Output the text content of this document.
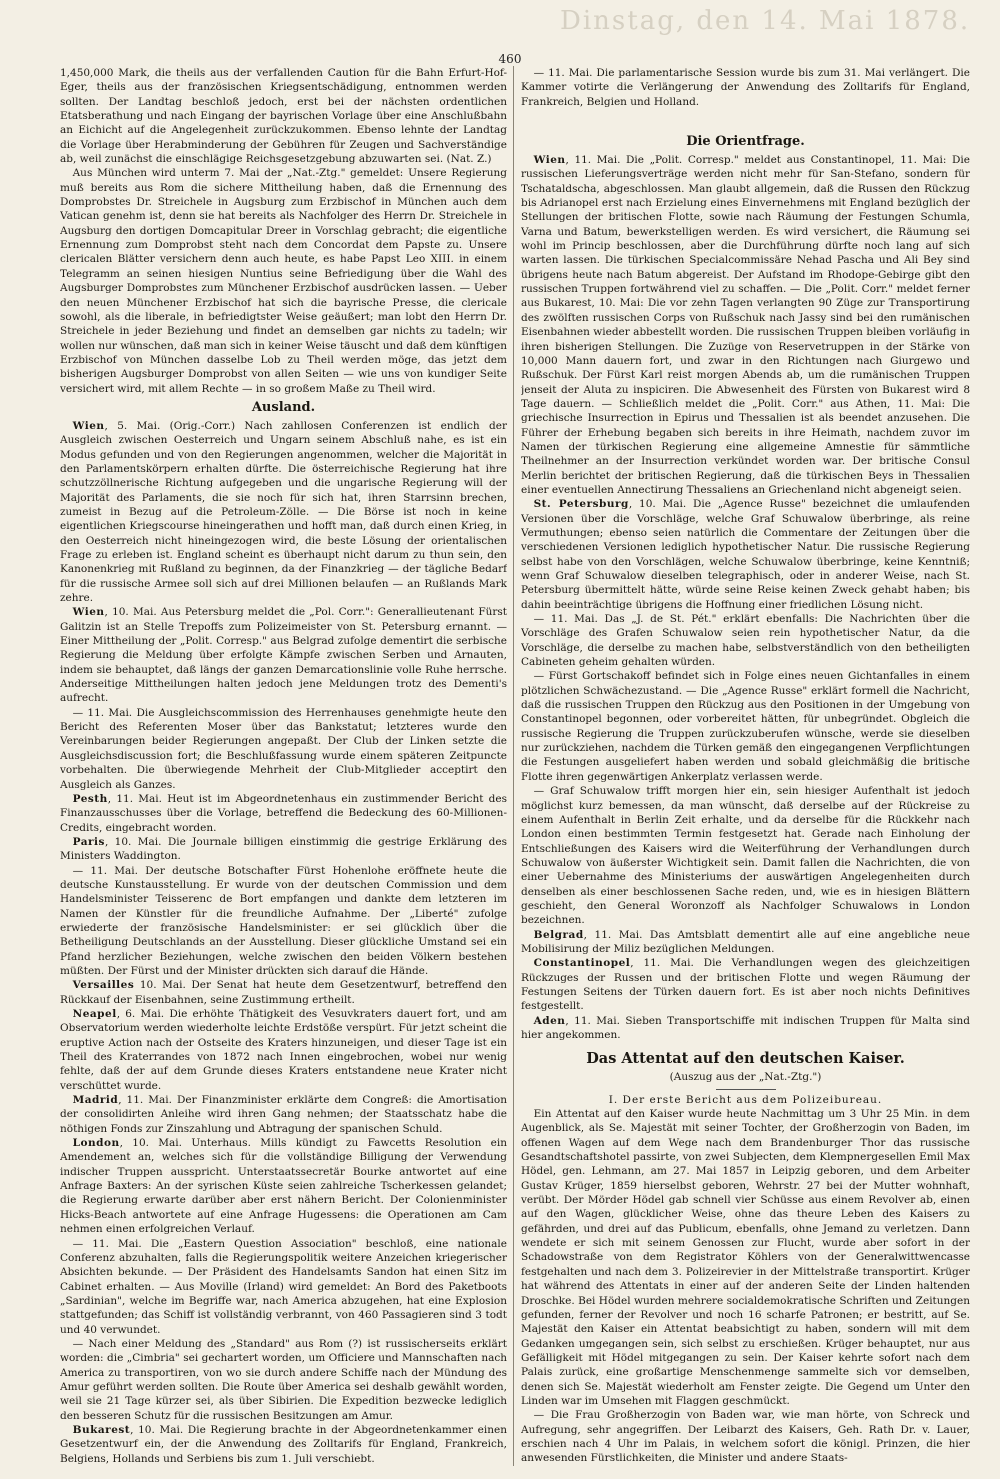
Dinstag, den 14. Mai 1878.
460

1,450,000 Mark, die theils aus der verfallenden Caution für die Bahn Erfurt-Hof-Eger, theils aus der französischen Kriegsentschädigung, entnommen werden sollten. Der Landtag beschloß jedoch, erst bei der nächsten ordentlichen Etatsberathung und nach Eingang der bayrischen Vorlage über eine Anschlußbahn an Eichicht auf die Angelegenheit zurückzukommen. Ebenso lehnte der Landtag die Vorlage über Herabminderung der Gebühren für Zeugen und Sachverständige ab, weil zunächst die einschlägige Reichsgesetzgebung abzuwarten sei. (Nat. Z.)

Aus München wird unterm 7. Mai der „Nat.-Ztg." gemeldet: Unsere Regierung muß bereits aus Rom die sichere Mittheilung haben, daß die Ernennung des Domprobstes Dr. Streichele in Augsburg zum Erzbischof in München auch dem Vatican genehm ist, denn sie hat bereits als Nachfolger des Herrn Dr. Streichele in Augsburg den dortigen Domcapitular Dreer in Vorschlag gebracht; die eigentliche Ernennung zum Domprobst steht nach dem Concordat dem Papste zu. Unsere clericalen Blätter versichern denn auch heute, es habe Papst Leo XIII. in einem Telegramm an seinen hiesigen Nuntius seine Befriedigung über die Wahl des Augsburger Domprobstes zum Münchener Erzbischof ausdrücken lassen. — Ueber den neuen Münchener Erzbischof hat sich die bayrische Presse, die clericale sowohl, als die liberale, in befriedigtster Weise geäußert; man lobt den Herrn Dr. Streichele in jeder Beziehung und findet an demselben gar nichts zu tadeln; wir wollen nur wünschen, daß man sich in keiner Weise täuscht und daß dem künftigen Erzbischof von München dasselbe Lob zu Theil werden möge, das jetzt dem bisherigen Augsburger Domprobst von allen Seiten — wie uns von kundiger Seite versichert wird, mit allem Rechte — in so großem Maße zu Theil wird.

Ausland.

Wien, 5. Mai. (Orig.-Corr.) Nach zahllosen Conferenzen ist endlich der Ausgleich zwischen Oesterreich und Ungarn seinem Abschluß nahe, es ist ein Modus gefunden und von den Regierungen angenommen, welcher die Majorität in den Parlamentskörpern erhalten dürfte. Die österreichische Regierung hat ihre schutzzöllnerische Richtung aufgegeben und die ungarische Regierung will der Majorität des Parlaments, die sie noch für sich hat, ihren Starrsinn brechen, zumeist in Bezug auf die Petroleum-Zölle. — Die Börse ist noch in keine eigentlichen Kriegscourse hineingerathen und hofft man, daß durch einen Krieg, in den Oesterreich nicht hineingezogen wird, die beste Lösung der orientalischen Frage zu erleben ist. England scheint es überhaupt nicht darum zu thun sein, den Kanonenkrieg mit Rußland zu beginnen, da der Finanzkrieg — der tägliche Bedarf für die russische Armee soll sich auf drei Millionen belaufen — an Rußlands Mark zehre.

Wien, 10. Mai. Aus Petersburg meldet die „Pol. Corr.": Generallieutenant Fürst Galitzin ist an Stelle Trepoffs zum Polizeimeister von St. Petersburg ernannt. — Einer Mittheilung der „Polit. Corresp." aus Belgrad zufolge dementirt die serbische Regierung die Meldung über erfolgte Kämpfe zwischen Serben und Arnauten, indem sie behauptet, daß längs der ganzen Demarcationslinie volle Ruhe herrsche. Anderseitige Mittheilungen halten jedoch jene Meldungen trotz des Dementi's aufrecht.

— 11. Mai. Die Ausgleichscommission des Herrenhauses genehmigte heute den Bericht des Referenten Moser über das Bankstatut; letzteres wurde den Vereinbarungen beider Regierungen angepaßt. Der Club der Linken setzte die Ausgleichsdiscussion fort; die Beschlußfassung wurde einem späteren Zeitpuncte vorbehalten. Die überwiegende Mehrheit der Club-Mitglieder acceptirt den Ausgleich als Ganzes.

Pesth, 11. Mai. Heut ist im Abgeordnetenhaus ein zustimmender Bericht des Finanzausschusses über die Vorlage, betreffend die Bedeckung des 60-Millionen-Credits, eingebracht worden.

Paris, 10. Mai. Die Journale billigen einstimmig die gestrige Erklärung des Ministers Waddington.

— 11. Mai. Der deutsche Botschafter Fürst Hohenlohe eröffnete heute die deutsche Kunstausstellung. Er wurde von der deutschen Commission und dem Handelsminister Teisserenc de Bort empfangen und dankte dem letzteren im Namen der Künstler für die freundliche Aufnahme. Der „Liberté" zufolge erwiederte der französische Handelsminister: er sei glücklich über die Betheiligung Deutschlands an der Ausstellung. Dieser glückliche Umstand sei ein Pfand herzlicher Beziehungen, welche zwischen den beiden Völkern bestehen müßten. Der Fürst und der Minister drückten sich darauf die Hände.

Versailles 10. Mai. Der Senat hat heute dem Gesetzentwurf, betreffend den Rückkauf der Eisenbahnen, seine Zustimmung ertheilt.

Neapel, 6. Mai. Die erhöhte Thätigkeit des Vesuvkraters dauert fort, und am Observatorium werden wiederholte leichte Erdstöße verspürt. Für jetzt scheint die eruptive Action nach der Ostseite des Kraters hinzuneigen, und dieser Tage ist ein Theil des Kraterrandes von 1872 nach Innen eingebrochen, wobei nur wenig fehlte, daß der auf dem Grunde dieses Kraters entstandene neue Krater nicht verschüttet wurde.

Madrid, 11. Mai. Der Finanzminister erklärte dem Congreß: die Amortisation der consolidirten Anleihe wird ihren Gang nehmen; der Staatsschatz habe die nöthigen Fonds zur Zinszahlung und Abtragung der spanischen Schuld.

London, 10. Mai. Unterhaus. Mills kündigt zu Fawcetts Resolution ein Amendement an, welches sich für die vollständige Billigung der Verwendung indischer Truppen ausspricht. Unterstaatssecretär Bourke antwortet auf eine Anfrage Baxters: An der syrischen Küste seien zahlreiche Tscherkessen gelandet; die Regierung erwarte darüber aber erst nähern Bericht. Der Colonienminister Hicks-Beach antwortete auf eine Anfrage Hugessens: die Operationen am Cam nehmen einen erfolgreichen Verlauf.

— 11. Mai. Die „Eastern Question Association" beschloß, eine nationale Conferenz abzuhalten, falls die Regierungspolitik weitere Anzeichen kriegerischer Absichten bekunde. — Der Präsident des Handelsamts Sandon hat einen Sitz im Cabinet erhalten. — Aus Moville (Irland) wird gemeldet: An Bord des Paketboots „Sardinian", welche im Begriffe war, nach America abzugehen, hat eine Explosion stattgefunden; das Schiff ist vollständig verbrannt, von 460 Passagieren sind 3 todt und 40 verwundet.

— Nach einer Meldung des „Standard" aus Rom (?) ist russischerseits erklärt worden: die „Cimbria" sei gechartert worden, um Officiere und Mannschaften nach America zu transportiren, von wo sie durch andere Schiffe nach der Mündung des Amur geführt werden sollten. Die Route über America sei deshalb gewählt worden, weil sie 21 Tage kürzer sei, als über Sibirien. Die Expedition bezwecke lediglich den besseren Schutz für die russischen Besitzungen am Amur.

Bukarest, 10. Mai. Die Regierung brachte in der Abgeordnetenkammer einen Gesetzentwurf ein, der die Anwendung des Zolltarifs für England, Frankreich, Belgiens, Hollands und Serbiens bis zum 1. Juli verschiebt.

— 11. Mai. Die parlamentarische Session wurde bis zum 31. Mai verlängert. Die Kammer votirte die Verlängerung der Anwendung des Zolltarifs für England, Frankreich, Belgien und Holland.

Die Orientfrage.

Wien, 11. Mai. Die „Polit. Corresp." meldet aus Constantinopel, 11. Mai: Die russischen Lieferungsverträge werden nicht mehr für San-Stefano, sondern für Tschataldscha, abgeschlossen. Man glaubt allgemein, daß die Russen den Rückzug bis Adrianopel erst nach Erzielung eines Einvernehmens mit England bezüglich der Stellungen der britischen Flotte, sowie nach Räumung der Festungen Schumla, Varna und Batum, bewerkstelligen werden. Es wird versichert, die Räumung sei wohl im Princip beschlossen, aber die Durchführung dürfte noch lang auf sich warten lassen. Die türkischen Specialcommissäre Nehad Pascha und Ali Bey sind übrigens heute nach Batum abgereist. Der Aufstand im Rhodope-Gebirge gibt den russischen Truppen fortwährend viel zu schaffen. — Die „Polit. Corr." meldet ferner aus Bukarest, 10. Mai: Die vor zehn Tagen verlangten 90 Züge zur Transportirung des zwölften russischen Corps von Rußschuk nach Jassy sind bei den rumänischen Eisenbahnen wieder abbestellt worden. Die russischen Truppen bleiben vorläufig in ihren bisherigen Stellungen. Die Zuzüge von Reservetruppen in der Stärke von 10,000 Mann dauern fort, und zwar in den Richtungen nach Giurgewo und Rußschuk. Der Fürst Karl reist morgen Abends ab, um die rumänischen Truppen jenseit der Aluta zu inspiciren. Die Abwesenheit des Fürsten von Bukarest wird 8 Tage dauern. — Schließlich meldet die „Polit. Corr." aus Athen, 11. Mai: Die griechische Insurrection in Epirus und Thessalien ist als beendet anzusehen. Die Führer der Erhebung begaben sich bereits in ihre Heimath, nachdem zuvor im Namen der türkischen Regierung eine allgemeine Amnestie für sämmtliche Theilnehmer an der Insurrection verkündet worden war. Der britische Consul Merlin berichtet der britischen Regierung, daß die türkischen Beys in Thessalien einer eventuellen Annectirung Thessaliens an Griechenland nicht abgeneigt seien.

St. Petersburg, 10. Mai. Die „Agence Russe" bezeichnet die umlaufenden Versionen über die Vorschläge, welche Graf Schuwalow überbringe, als reine Vermuthungen; ebenso seien natürlich die Commentare der Zeitungen über die verschiedenen Versionen lediglich hypothetischer Natur. Die russische Regierung selbst habe von den Vorschlägen, welche Schuwalow überbringe, keine Kenntniß; wenn Graf Schuwalow dieselben telegraphisch, oder in anderer Weise, nach St. Petersburg übermittelt hätte, würde seine Reise keinen Zweck gehabt haben; bis dahin beeinträchtige übrigens die Hoffnung einer friedlichen Lösung nicht.

— 11. Mai. Das „J. de St. Pét." erklärt ebenfalls: Die Nachrichten über die Vorschläge des Grafen Schuwalow seien rein hypothetischer Natur, da die Vorschläge, die derselbe zu machen habe, selbstverständlich von den betheiligten Cabineten geheim gehalten würden.

— Fürst Gortschakoff befindet sich in Folge eines neuen Gichtanfalles in einem plötzlichen Schwächezustand. — Die „Agence Russe" erklärt formell die Nachricht, daß die russischen Truppen den Rückzug aus den Positionen in der Umgebung von Constantinopel begonnen, oder vorbereitet hätten, für unbegründet. Obgleich die russische Regierung die Truppen zurückzuberufen wünsche, werde sie dieselben nur zurückziehen, nachdem die Türken gemäß den eingegangenen Verpflichtungen die Festungen ausgeliefert haben werden und sobald gleichmäßig die britische Flotte ihren gegenwärtigen Ankerplatz verlassen werde.

— Graf Schuwalow trifft morgen hier ein, sein hiesiger Aufenthalt ist jedoch möglichst kurz bemessen, da man wünscht, daß derselbe auf der Rückreise zu einem Aufenthalt in Berlin Zeit erhalte, und da derselbe für die Rückkehr nach London einen bestimmten Termin festgesetzt hat. Gerade nach Einholung der Entschließungen des Kaisers wird die Weiterführung der Verhandlungen durch Schuwalow von äußerster Wichtigkeit sein. Damit fallen die Nachrichten, die von einer Uebernahme des Ministeriums der auswärtigen Angelegenheiten durch denselben als einer beschlossenen Sache reden, und, wie es in hiesigen Blättern geschieht, den General Woronzoff als Nachfolger Schuwalows in London bezeichnen.

Belgrad, 11. Mai. Das Amtsblatt dementirt alle auf eine angebliche neue Mobilisirung der Miliz bezüglichen Meldungen.

Constantinopel, 11. Mai. Die Verhandlungen wegen des gleichzeitigen Rückzuges der Russen und der britischen Flotte und wegen Räumung der Festungen Seitens der Türken dauern fort. Es ist aber noch nichts Definitives festgestellt.

Aden, 11. Mai. Sieben Transportschiffe mit indischen Truppen für Malta sind hier angekommen.

Das Attentat auf den deutschen Kaiser.
(Auszug aus der „Nat.-Ztg.")
I. Der erste Bericht aus dem Polizeibureau.

Ein Attentat auf den Kaiser wurde heute Nachmittag um 3 Uhr 25 Min. in dem Augenblick, als Se. Majestät mit seiner Tochter, der Großherzogin von Baden, im offenen Wagen auf dem Wege nach dem Brandenburger Thor das russische Gesandtschaftshotel passirte, von zwei Subjecten, dem Klempnergesellen Emil Max Hödel, gen. Lehmann, am 27. Mai 1857 in Leipzig geboren, und dem Arbeiter Gustav Krüger, 1859 hierselbst geboren, Wehrstr. 27 bei der Mutter wohnhaft, verübt. Der Mörder Hödel gab schnell vier Schüsse aus einem Revolver ab, einen auf den Wagen, glücklicher Weise, ohne das theure Leben des Kaisers zu gefährden, und drei auf das Publicum, ebenfalls, ohne Jemand zu verletzen. Dann wendete er sich mit seinem Genossen zur Flucht, wurde aber sofort in der Schadowstraße von dem Registrator Köhlers von der Generalwittwencasse festgehalten und nach dem 3. Polizeirevier in der Mittelstraße transportirt. Krüger hat während des Attentats in einer auf der anderen Seite der Linden haltenden Droschke. Bei Hödel wurden mehrere socialdemokratische Schriften und Zeitungen gefunden, ferner der Revolver und noch 16 scharfe Patronen; er bestritt, auf Se. Majestät den Kaiser ein Attentat beabsichtigt zu haben, sondern will mit dem Gedanken umgegangen sein, sich selbst zu erschießen. Krüger behauptet, nur aus Gefälligkeit mit Hödel mitgegangen zu sein. Der Kaiser kehrte sofort nach dem Palais zurück, eine großartige Menschenmenge sammelte sich vor demselben, denen sich Se. Majestät wiederholt am Fenster zeigte. Die Gegend um Unter den Linden war im Umsehen mit Flaggen geschmückt.

— Die Frau Großherzogin von Baden war, wie man hörte, von Schreck und Aufregung, sehr angegriffen. Der Leibarzt des Kaisers, Geh. Rath Dr. v. Lauer, erschien nach 4 Uhr im Palais, in welchem sofort die königl. Prinzen, die hier anwesenden Fürstlichkeiten, die Minister und andere Staats-
